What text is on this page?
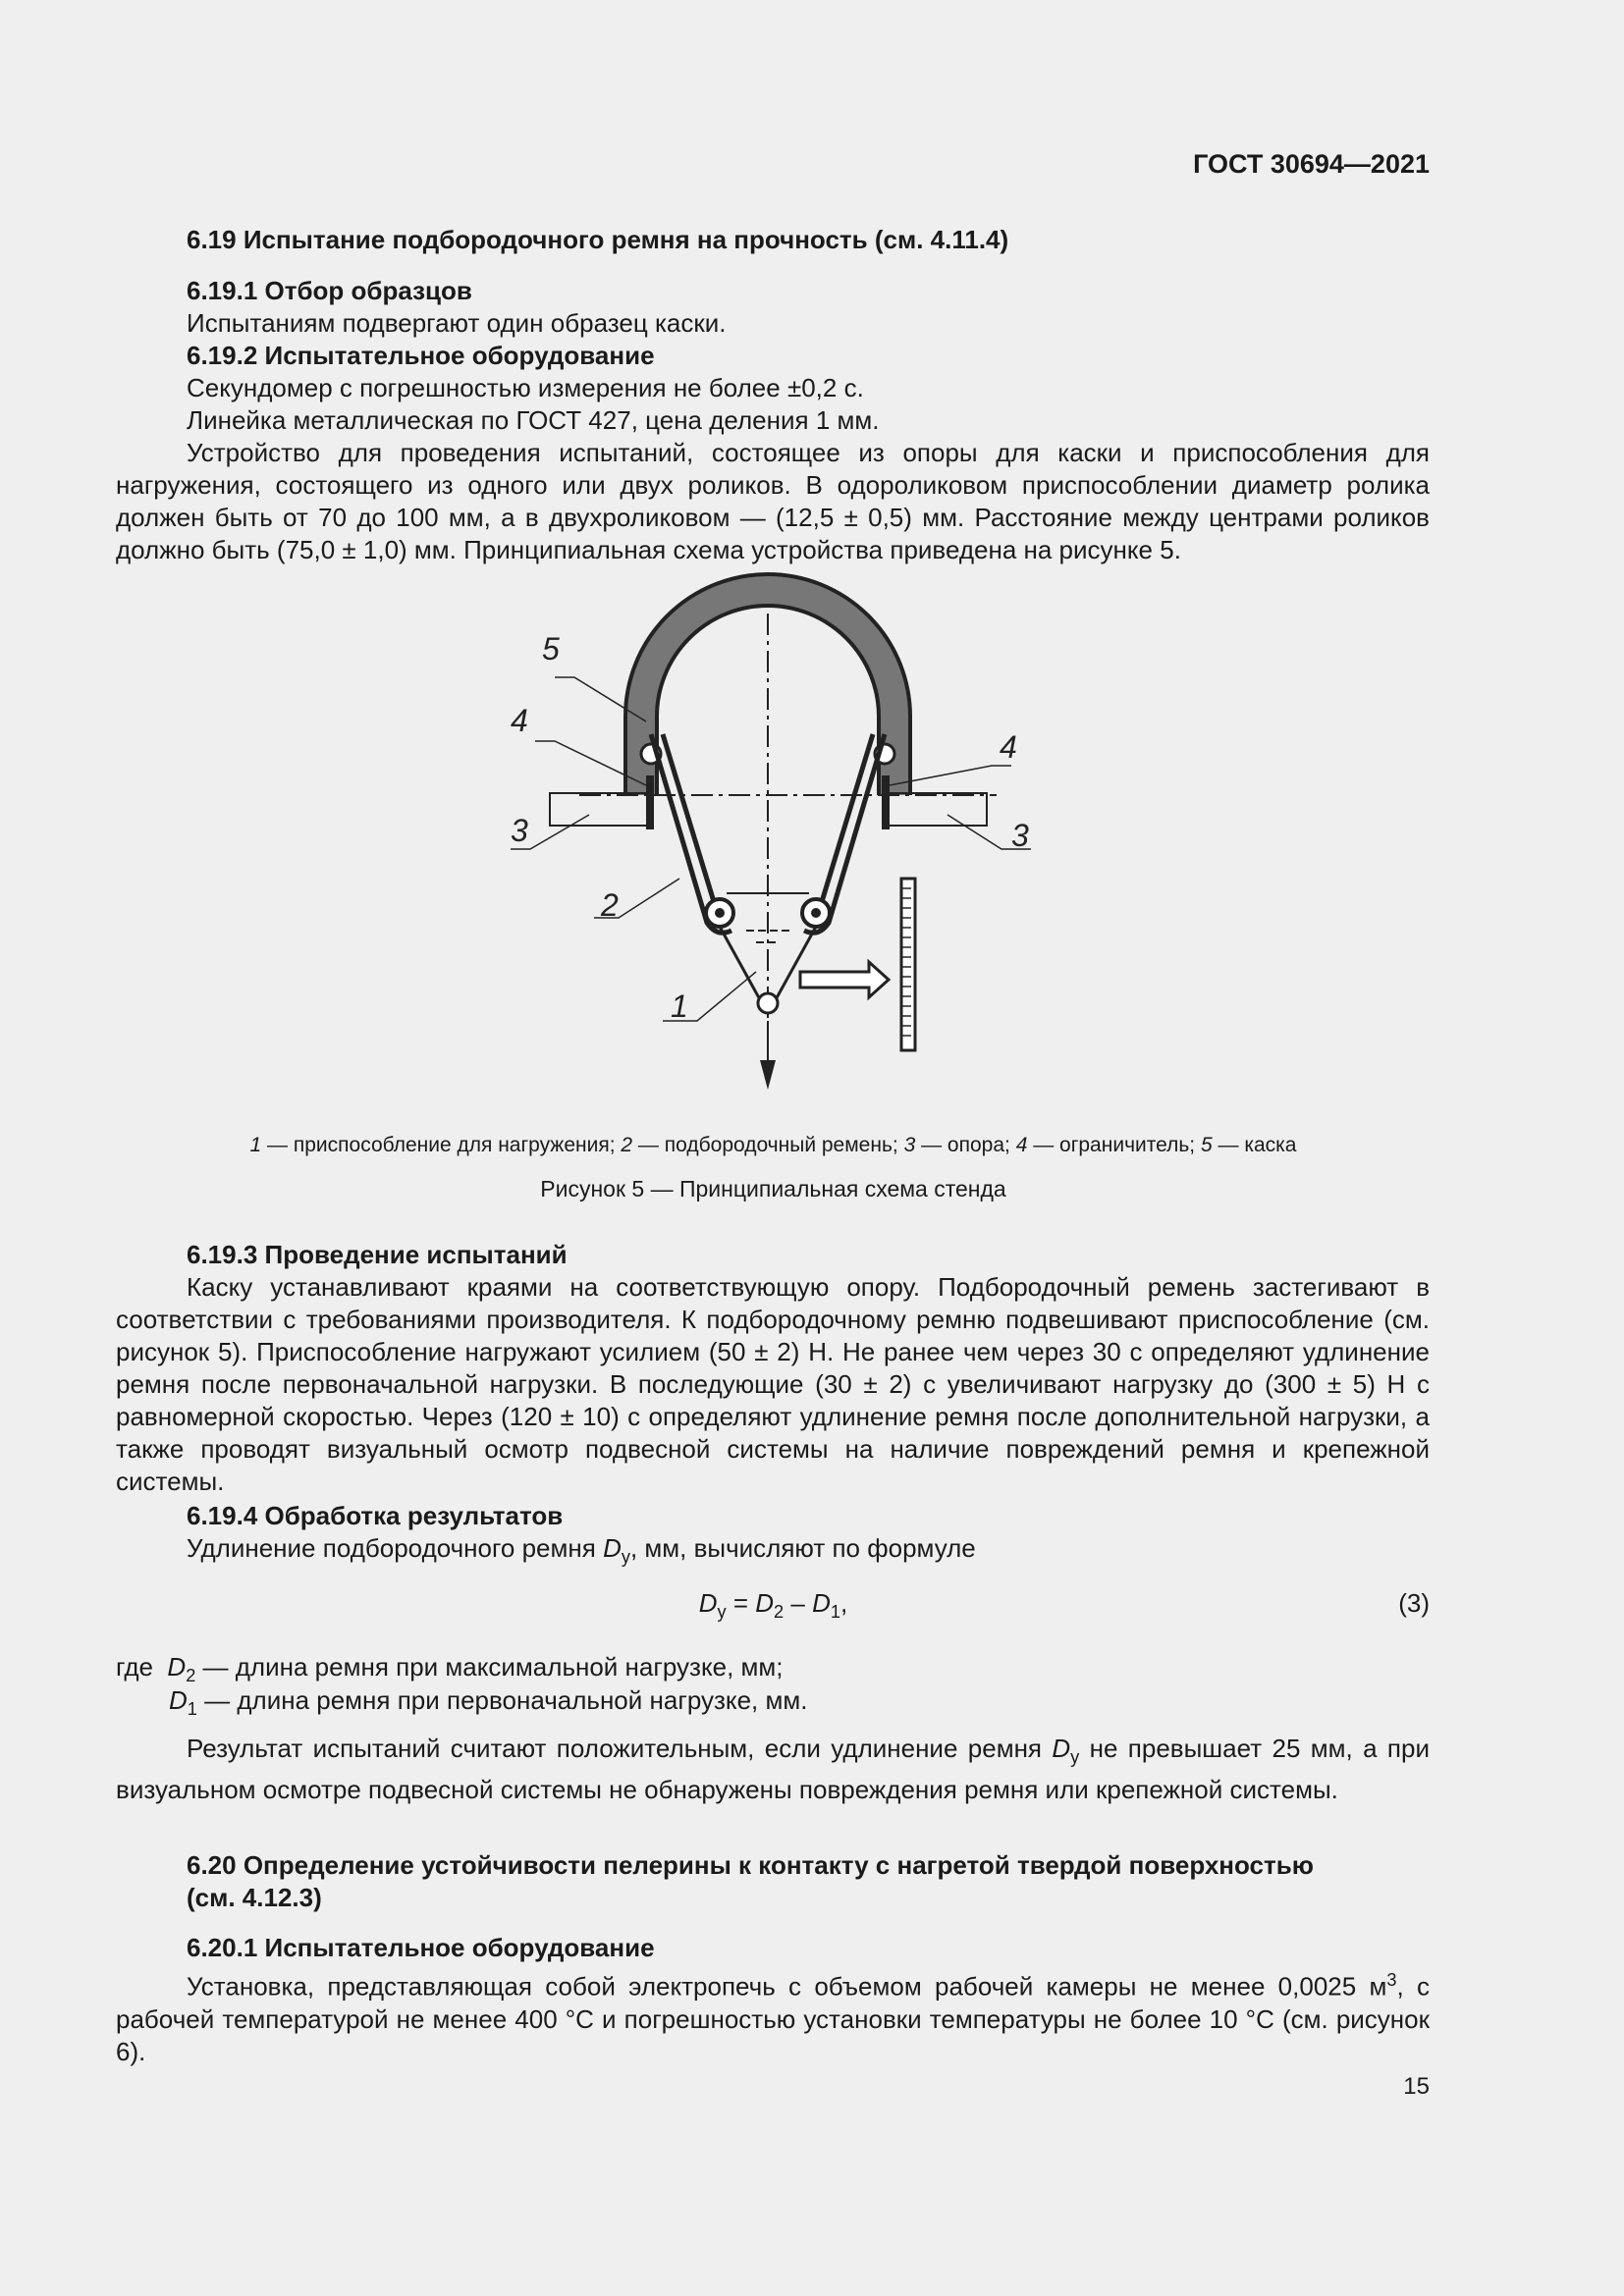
ГОСТ 30694—2021

6.19 Испытание подбородочного ремня на прочность (см. 4.11.4)

6.19.1 Отбор образцов

Испытаниям подвергают один образец каски.

6.19.2 Испытательное оборудование

Секундомер с погрешностью измерения не более ±0,2 с.

Линейка металлическая по ГОСТ 427, цена деления 1 мм.

Устройство для проведения испытаний, состоящее из опоры для каски и приспособления для нагружения, состоящего из одного или двух роликов. В одороликовом приспособлении диаметр ролика должен быть от 70 до 100 мм, а в двухроликовом — (12,5 ± 0,5) мм. Расстояние между центрами роликов должно быть (75,0 ± 1,0) мм. Принципиальная схема устройства приведена на рисунке 5.

5
4
4
3	3
2
1
1 — приспособление для нагружения; 2 — подбородочный ремень; 3 — опора; 4 — ограничитель; 5 — каска
Рисунок 5 — Принципиальная схема стенда

6.19.3 Проведение испытаний

Каску устанавливают краями на соответствующую опору. Подбородочный ремень застегивают в соответствии с требованиями производителя. К подбородочному ремню подвешивают приспособление (см. рисунок 5). Приспособление нагружают усилием (50 ± 2) Н. Не ранее чем через 30 с определяют удлинение ремня после первоначальной нагрузки. В последующие (30 ± 2) с увеличивают нагрузку до (300 ± 5) Н с равномерной скоростью. Через (120 ± 10) с определяют удлинение ремня после дополнительной нагрузки, а также проводят визуальный осмотр подвесной системы на наличие повреждений ремня и крепежной системы.

6.19.4 Обработка результатов

Удлинение подбородочного ремня $D_у$, мм, вычисляют по формуле

$D_у = D_2 - D_1$,	(3)

где $D_2$ — длина ремня при максимальной нагрузке, мм;

$D_1$ — длина ремня при первоначальной нагрузке, мм.

Результат испытаний считают положительным, если удлинение ремня $D_у$ не превышает 25 мм, а при визуальном осмотре подвесной системы не обнаружены повреждения ремня или крепежной системы.

6.20 Определение устойчивости пелерины к контакту с нагретой твердой поверхностью

(см. 4.12.3)

6.20.1 Испытательное оборудование

Установка, представляющая собой электропечь с объемом рабочей камеры не менее 0,0025 $м^3$, с рабочей температурой не менее 400 °С и погрешностью установки температуры не более 10 °С (см. рисунок 6).

15
